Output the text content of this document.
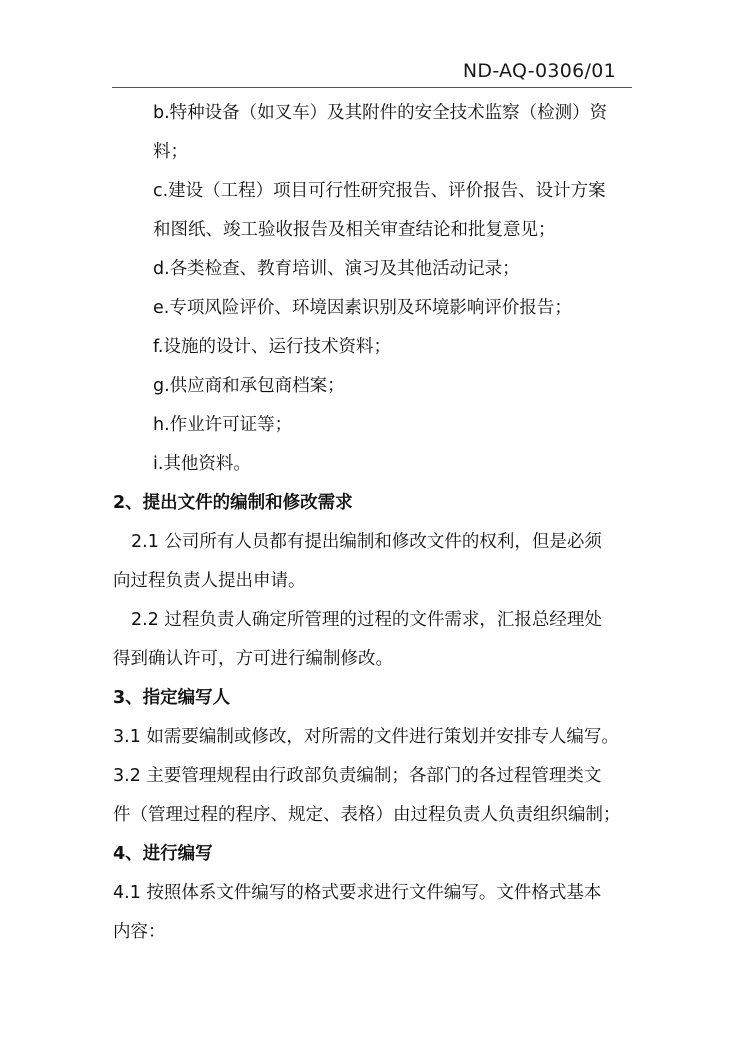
ND-AQ-0306/01
b.特种设备（如叉车）及其附件的安全技术监察（检测）资
料；
c.建设（工程）项目可行性研究报告、评价报告、设计方案
和图纸、竣工验收报告及相关审查结论和批复意见；
d.各类检查、教育培训、演习及其他活动记录；
e.专项风险评价、环境因素识别及环境影响评价报告；
f.设施的设计、运行技术资料；
g.供应商和承包商档案；
h.作业许可证等；
i.其他资料。
2、提出文件的编制和修改需求
2.1 公司所有人员都有提出编制和修改文件的权利，但是必须
向过程负责人提出申请。
2.2 过程负责人确定所管理的过程的文件需求，汇报总经理处
得到确认许可，方可进行编制修改。
3、指定编写人
3.1 如需要编制或修改，对所需的文件进行策划并安排专人编写。
3.2 主要管理规程由行政部负责编制；各部门的各过程管理类文
件（管理过程的程序、规定、表格）由过程负责人负责组织编制；
4、进行编写
4.1 按照体系文件编写的格式要求进行文件编写。文件格式基本
内容：
